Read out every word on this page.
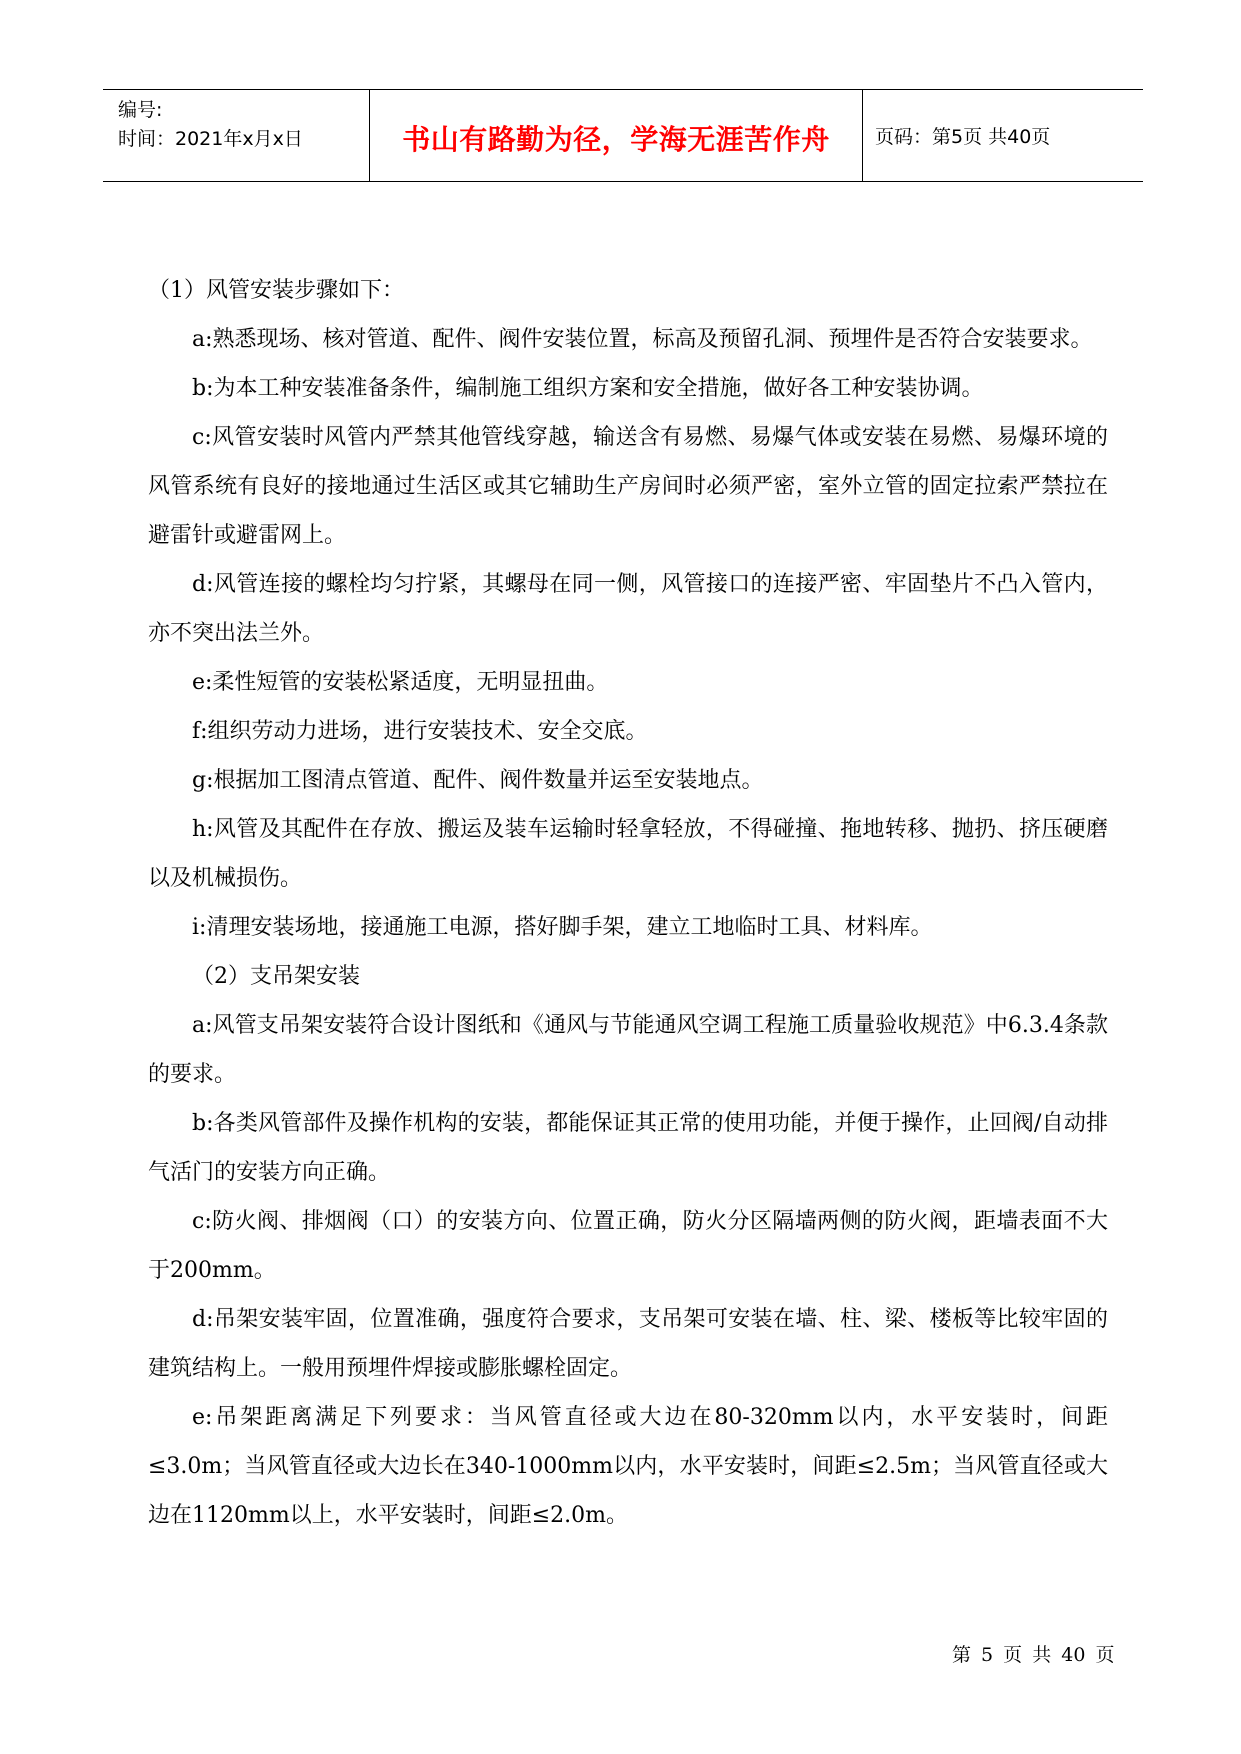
编号:
时间：2021年x月x日	书山有路勤为径，学海无涯苦作舟	页码：第5页 共40页

（1）风管安装步骤如下：

a:熟悉现场、核对管道、配件、阀件安装位置，标高及预留孔洞、预埋件是否符合安装要求。

b:为本工种安装准备条件，编制施工组织方案和安全措施，做好各工种安装协调。

c:风管安装时风管内严禁其他管线穿越，输送含有易燃、易爆气体或安装在易燃、易爆环境的风管系统有良好的接地通过生活区或其它辅助生产房间时必须严密，室外立管的固定拉索严禁拉在避雷针或避雷网上。

d:风管连接的螺栓均匀拧紧，其螺母在同一侧，风管接口的连接严密、牢固垫片不凸入管内，亦不突出法兰外。

e:柔性短管的安装松紧适度，无明显扭曲。

f:组织劳动力进场，进行安装技术、安全交底。

g:根据加工图清点管道、配件、阀件数量并运至安装地点。

h:风管及其配件在存放、搬运及装车运输时轻拿轻放，不得碰撞、拖地转移、抛扔、挤压硬磨以及机械损伤。

i:清理安装场地，接通施工电源，搭好脚手架，建立工地临时工具、材料库。

（2）支吊架安装

a:风管支吊架安装符合设计图纸和《通风与节能通风空调工程施工质量验收规范》中6.3.4条款的要求。

b:各类风管部件及操作机构的安装，都能保证其正常的使用功能，并便于操作，止回阀/自动排气活门的安装方向正确。

c:防火阀、排烟阀（口）的安装方向、位置正确，防火分区隔墙两侧的防火阀，距墙表面不大于200mm。

d:吊架安装牢固，位置准确，强度符合要求，支吊架可安装在墙、柱、梁、楼板等比较牢固的建筑结构上。一般用预埋件焊接或膨胀螺栓固定。

e:吊架距离满足下列要求：当风管直径或大边在80-320mm以内，水平安装时，间距≤3.0m；当风管直径或大边长在340-1000mm以内，水平安装时，间距≤2.5m；当风管直径或大边在1120mm以上，水平安装时，间距≤2.0m。

第 5 页 共 40 页
